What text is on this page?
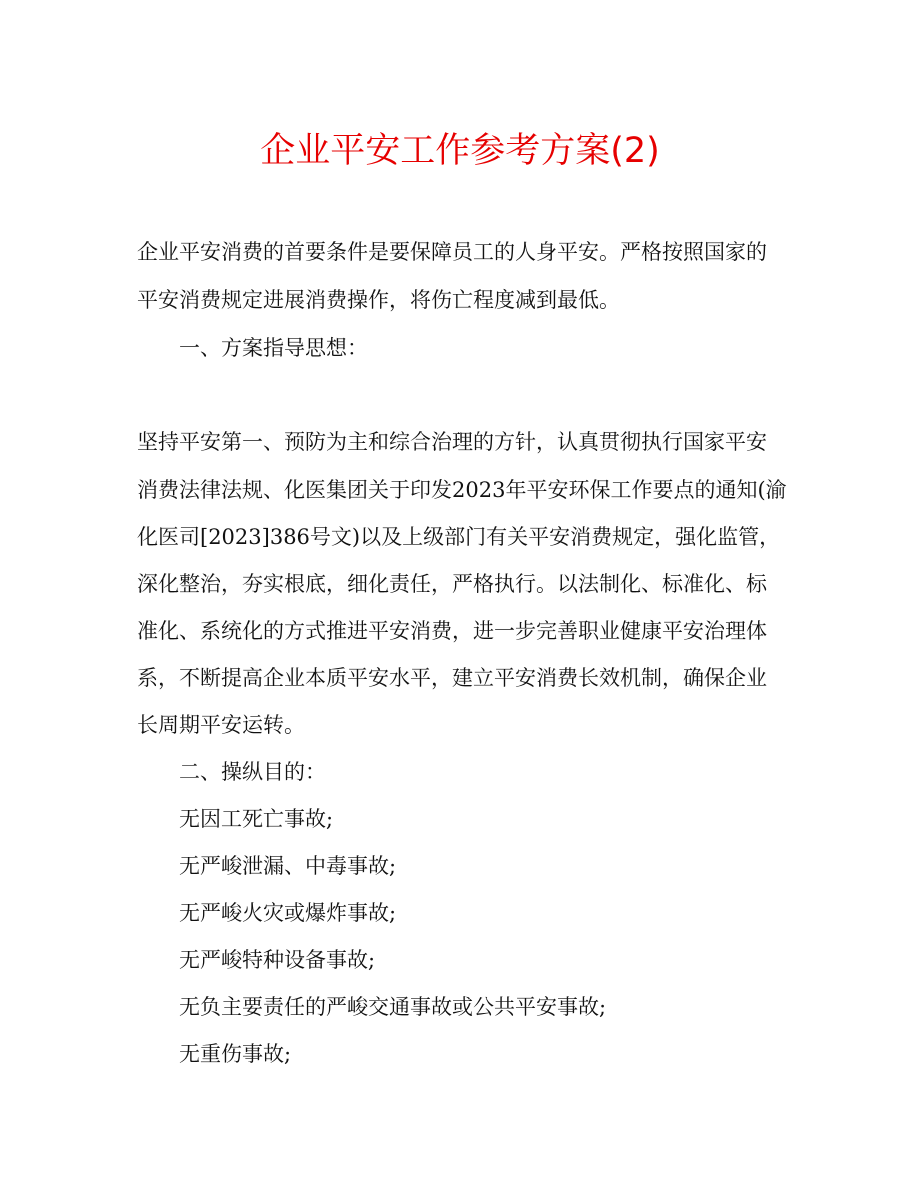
企业平安工作参考方案(2)

企业平安消费的首要条件是要保障员工的人身平安。严格按照国家的

平安消费规定进展消费操作，将伤亡程度减到最低。

一、方案指导思想：

坚持平安第一、预防为主和综合治理的方针，认真贯彻执行国家平安

消费法律法规、化医集团关于印发2023年平安环保工作要点的通知(渝

化医司[2023]386号文)以及上级部门有关平安消费规定，强化监管，

深化整治，夯实根底，细化责任，严格执行。以法制化、标准化、标

准化、系统化的方式推进平安消费，进一步完善职业健康平安治理体

系，不断提高企业本质平安水平，建立平安消费长效机制，确保企业

长周期平安运转。

二、操纵目的：

无因工死亡事故;

无严峻泄漏、中毒事故;

无严峻火灾或爆炸事故;

无严峻特种设备事故;

无负主要责任的严峻交通事故或公共平安事故;

无重伤事故;
